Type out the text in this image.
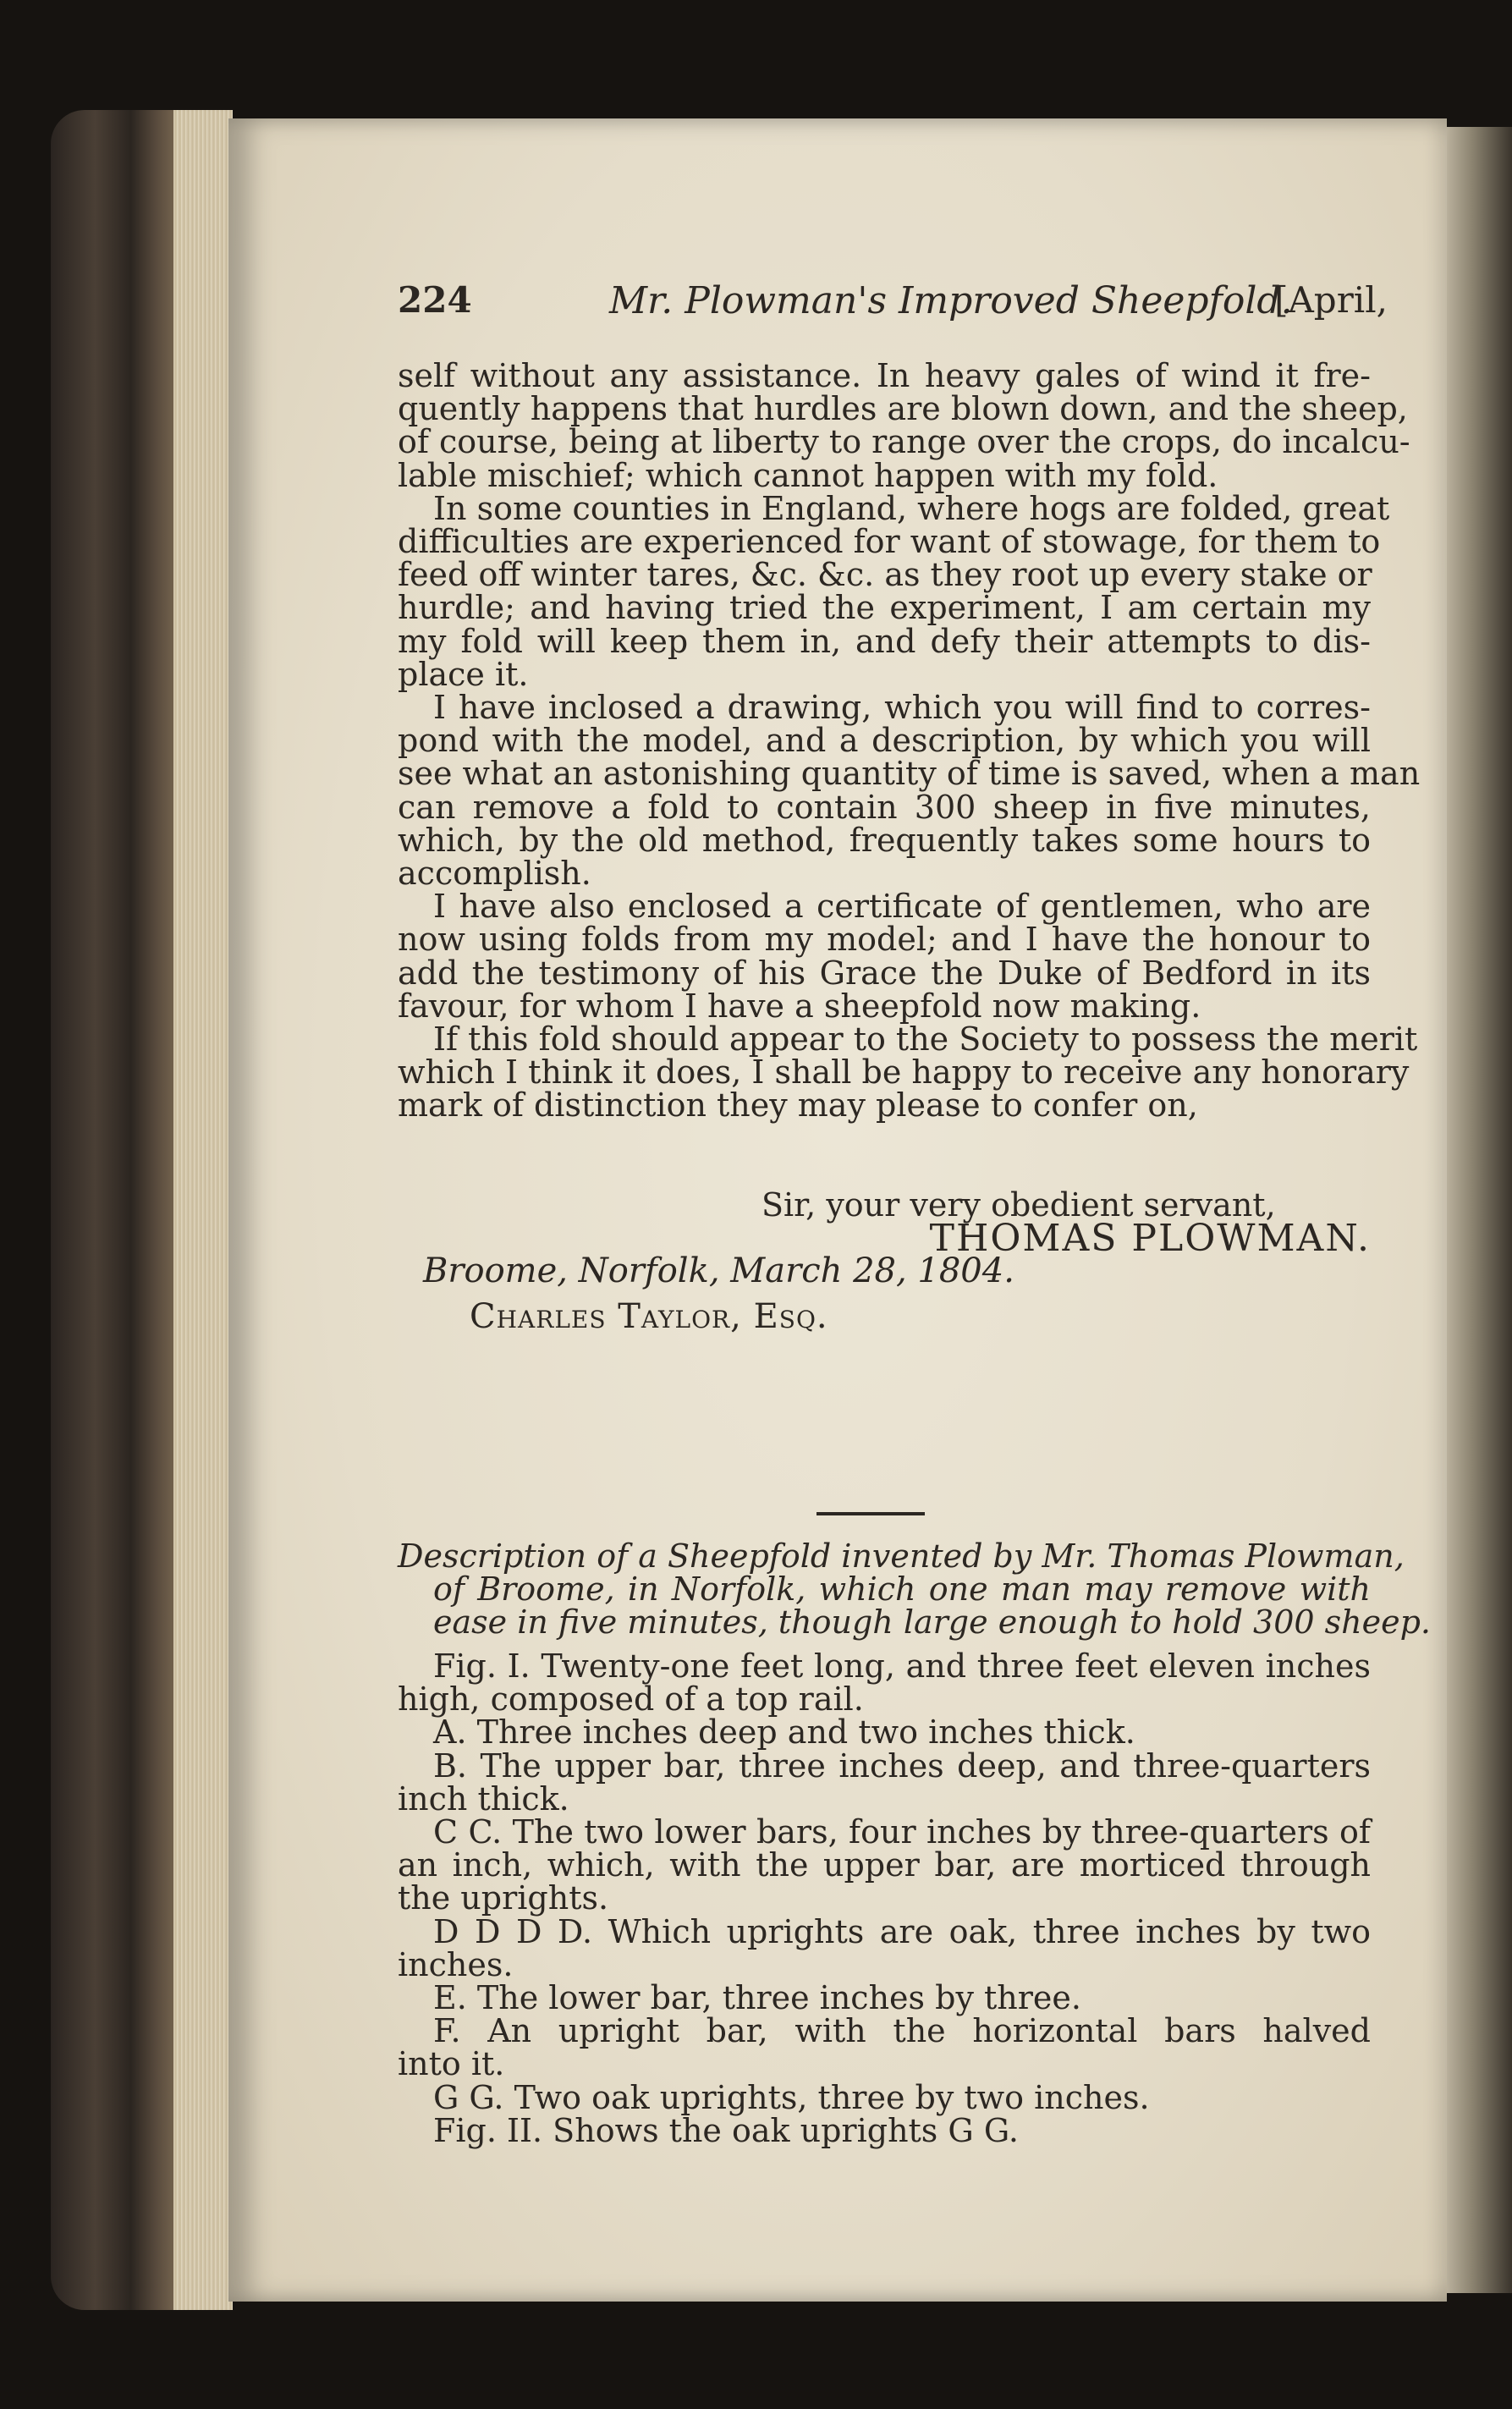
224	Mr. Plowman's Improved Sheepfold.
[April,
self without any assistance. In heavy gales of wind it fre-
quently happens that hurdles are blown down, and the sheep,
of course, being at liberty to range over the crops, do incalcu-
lable mischief; which cannot happen with my fold.
In some counties in England, where hogs are folded, great
difficulties are experienced for want of stowage, for them to
feed off winter tares, &c. &c. as they root up every stake or
hurdle; and having tried the experiment, I am certain my
my fold will keep them in, and defy their attempts to dis-
place it.
I have inclosed a drawing, which you will find to corres-
pond with the model, and a description, by which you will
see what an astonishing quantity of time is saved, when a man
can remove a fold to contain 300 sheep in five minutes,
which, by the old method, frequently takes some hours to
accomplish.
I have also enclosed a certificate of gentlemen, who are
now using folds from my model; and I have the honour to
add the testimony of his Grace the Duke of Bedford in its
favour, for whom I have a sheepfold now making.
If this fold should appear to the Society to possess the merit
which I think it does, I shall be happy to receive any honorary
mark of distinction they may please to confer on,
Sir, your very obedient servant,
THOMAS PLOWMAN.
Broome, Norfolk, March 28, 1804.
Charles Taylor, Esq.
Description of a Sheepfold invented by Mr. Thomas Plowman,
of Broome, in Norfolk, which one man may remove with
ease in five minutes, though large enough to hold 300 sheep.
Fig. I. Twenty-one feet long, and three feet eleven inches
high, composed of a top rail.
A. Three inches deep and two inches thick.
B. The upper bar, three inches deep, and three-quarters
inch thick.
C C. The two lower bars, four inches by three-quarters of
an inch, which, with the upper bar, are morticed through
the uprights.
D D D D. Which uprights are oak, three inches by two
inches.
E. The lower bar, three inches by three.
F. An upright bar, with the horizontal bars halved
into it.
G G. Two oak uprights, three by two inches.
Fig. II. Shows the oak uprights G G.
